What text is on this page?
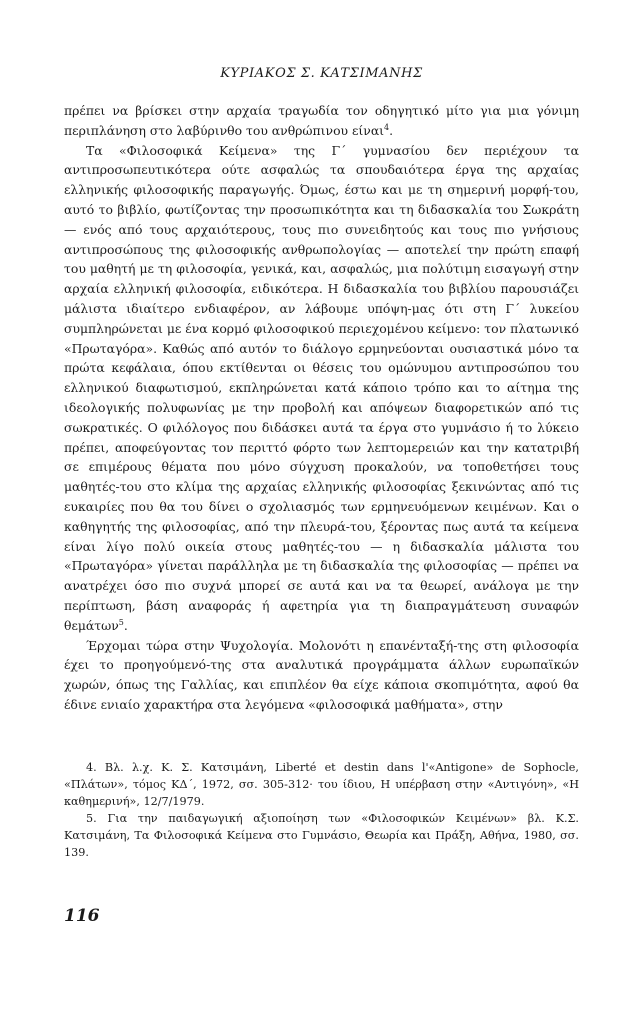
ΚΥΡΙΑΚΟΣ Σ. ΚΑΤΣΙΜΑΝΗΣ

πρέπει να βρίσκει στην αρχαία τραγωδία τον οδηγητικό μίτο για μια γόνιμη περιπλάνηση στο λαβύρινθο του ανθρώπινου είναι$^4$.

Τα «Φιλοσοφικά Κείμενα» της Γ΄ γυμνασίου δεν περιέχουν τα αντιπροσωπευτικότερα ούτε ασφαλώς τα σπουδαιότερα έργα της αρχαίας ελληνικής φιλοσοφικής παραγωγής. Όμως, έστω και με τη σημερινή μορφή-του, αυτό το βιβλίο, φωτίζοντας την προσωπικότητα και τη διδασκαλία του Σωκράτη — ενός από τους αρχαιότερους, τους πιο συνειδητούς και τους πιο γνήσιους αντιπροσώπους της φιλοσοφικής ανθρωπολογίας — αποτελεί την πρώτη επαφή του μαθητή με τη φιλοσοφία, γενικά, και, ασφαλώς, μια πολύτιμη εισαγωγή στην αρχαία ελληνική φιλοσοφία, ειδικότερα. Η διδασκαλία του βιβλίου παρουσιάζει μάλιστα ιδιαίτερο ενδιαφέρον, αν λάβουμε υπόψη-μας ότι στη Γ΄ λυκείου συμπληρώνεται με ένα κορμό φιλοσοφικού περιεχομένου κείμενο: τον πλατωνικό «Πρωταγόρα». Καθώς από αυτόν το διάλογο ερμηνεύονται ουσιαστικά μόνο τα πρώτα κεφάλαια, όπου εκτίθενται οι θέσεις του ομώνυμου αντιπροσώπου του ελληνικού διαφωτισμού, εκπληρώνεται κατά κάποιο τρόπο και το αίτημα της ιδεολογικής πολυφωνίας με την προβολή και απόψεων διαφορετικών από τις σωκρατικές. Ο φιλόλογος που διδάσκει αυτά τα έργα στο γυμνάσιο ή το λύκειο πρέπει, αποφεύγοντας τον περιττό φόρτο των λεπτομερειών και την κατατριβή σε επιμέρους θέματα που μόνο σύγχυση προκαλούν, να τοποθετήσει τους μαθητές-του στο κλίμα της αρχαίας ελληνικής φιλοσοφίας ξεκινώντας από τις ευκαιρίες που θα του δίνει ο σχολιασμός των ερμηνευόμενων κειμένων. Και ο καθηγητής της φιλοσοφίας, από την πλευρά-του, ξέροντας πως αυτά τα κείμενα είναι λίγο πολύ οικεία στους μαθητές-του — η διδασκαλία μάλιστα του «Πρωταγόρα» γίνεται παράλληλα με τη διδασκαλία της φιλοσοφίας — πρέπει να ανατρέχει όσο πιο συχνά μπορεί σε αυτά και να τα θεωρεί, ανάλογα με την περίπτωση, βάση αναφοράς ή αφετηρία για τη διαπραγμάτευση συναφών θεμάτων$^5$.

Έρχομαι τώρα στην Ψυχολογία. Μολονότι η επανένταξή-της στη φιλοσοφία έχει το προηγούμενό-της στα αναλυτικά προγράμματα άλλων ευρωπαϊκών χωρών, όπως της Γαλλίας, και επιπλέον θα είχε κάποια σκοπιμότητα, αφού θα έδινε ενιαίο χαρακτήρα στα λεγόμενα «φιλοσοφικά μαθήματα», στην

4. Βλ. λ.χ. Κ. Σ. Κατσιμάνη, Liberté et destin dans l'«Antigone» de Sophocle, «Πλάτων», τόμος ΚΔ΄, 1972, σσ. 305-312· του ίδιου, Η υπέρβαση στην «Αντιγόνη», «Η καθημερινή», 12/7/1979.

5. Για την παιδαγωγική αξιοποίηση των «Φιλοσοφικών Κειμένων» βλ. Κ.Σ. Κατσιμάνη, Τα Φιλοσοφικά Κείμενα στο Γυμνάσιο, Θεωρία και Πράξη, Αθήνα, 1980, σσ. 139.

116
